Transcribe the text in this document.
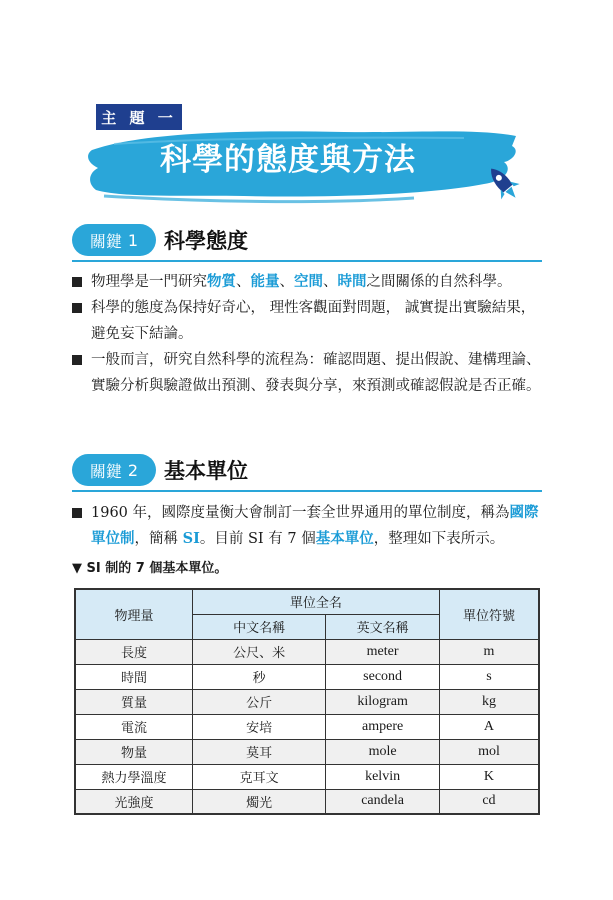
主 題 一
科學的態度與方法
關鍵 1 科學態度
物理學是一門研究物質、能量、空間、時間之間關係的自然科學。
科學的態度為保持好奇心， 理性客觀面對問題， 誠實提出實驗結果，避免妄下結論。
一般而言，研究自然科學的流程為：確認問題、提出假說、建構理論、實驗分析與驗證做出預測、發表與分享，來預測或確認假說是否正確。
關鍵 2 基本單位
1960 年，國際度量衡大會制訂一套全世界通用的單位制度，稱為國際單位制，簡稱 SI。目前 SI 有 7 個基本單位，整理如下表所示。
▼ SI 制的 7 個基本單位。
物理量	單位全名		單位符號
	中文名稱	英文名稱	
長度	公尺、米	meter	m
時間	秒	second	s
質量	公斤	kilogram	kg
電流	安培	ampere	A
物量	莫耳	mole	mol
熱力學溫度	克耳文	kelvin	K
光強度	燭光	candela	cd
